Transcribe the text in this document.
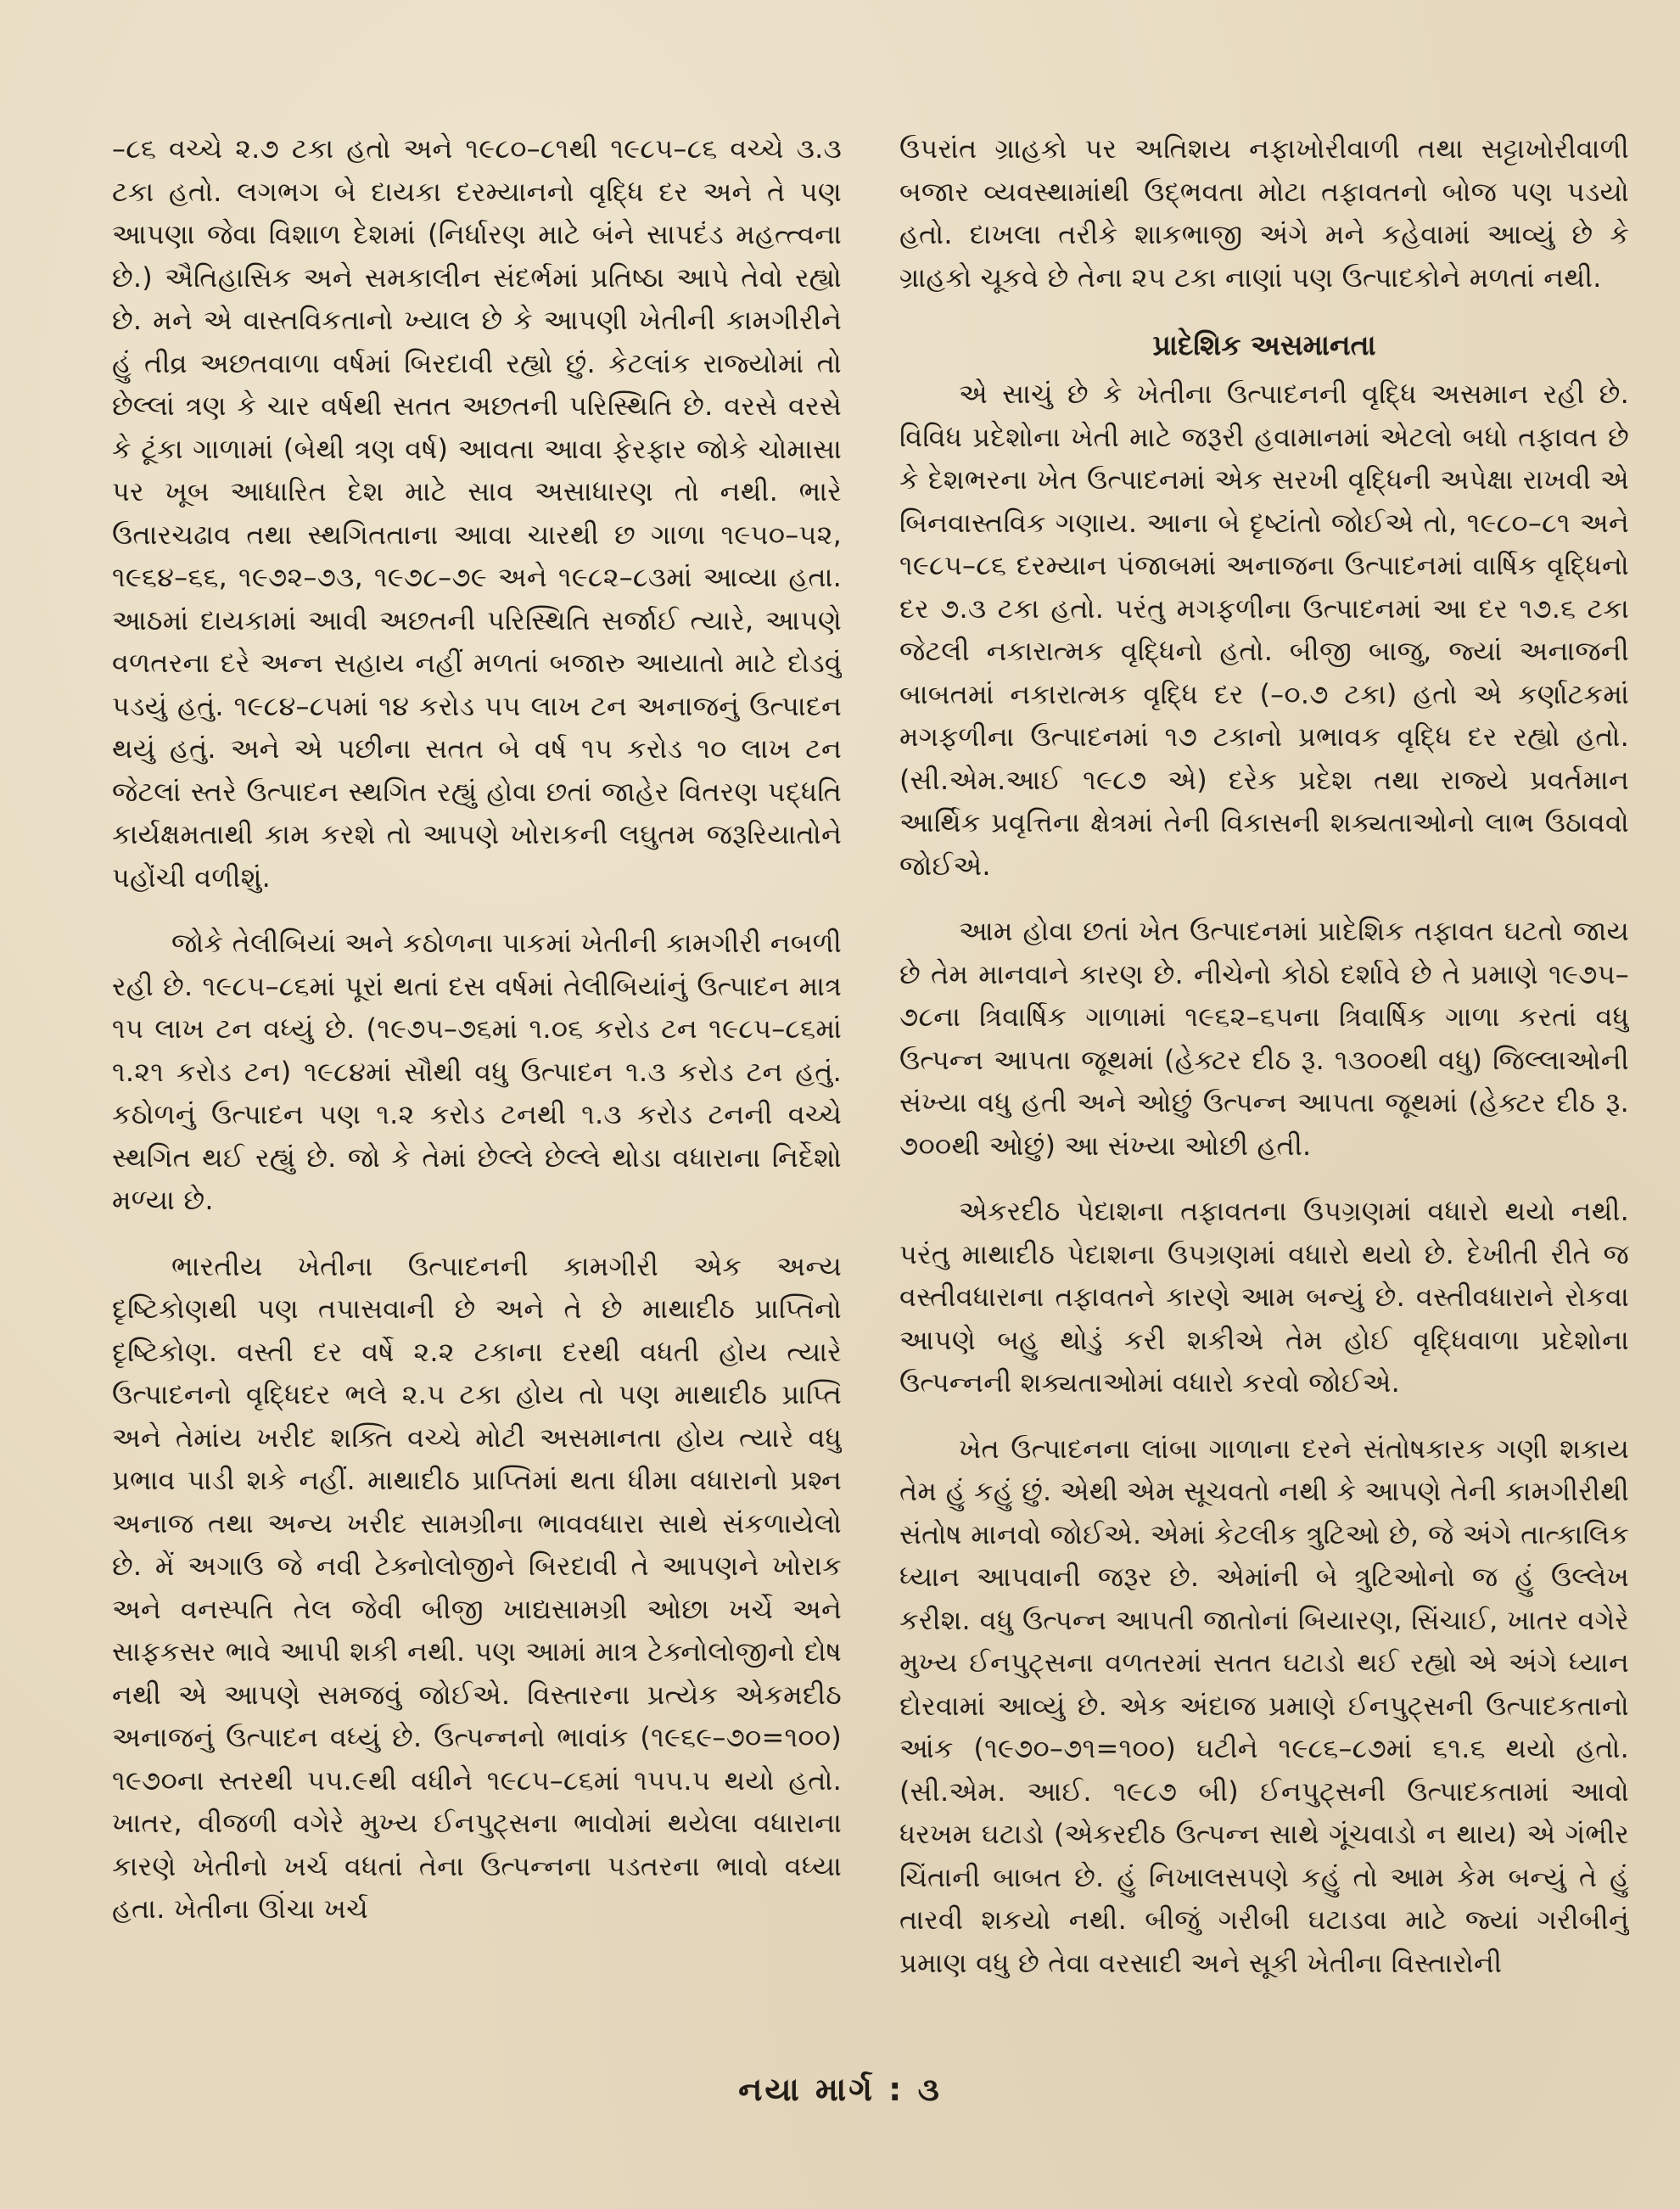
–૮૬ વચ્ચે ૨.૭ ટકા હતો અને ૧૯૮૦–૮૧થી ૧૯૮૫–૮૬ વચ્ચે ૩.૩ ટકા હતો. લગભગ બે દાયકા દરમ્યાનનો વૃદ્ધિ દર અને તે પણ આપણા જેવા વિશાળ દેશમાં (નિર્ધારણ માટે બંને સાપદંડ મહત્ત્વના છે.) ઐતિહાસિક અને સમકાલીન સંદર્ભમાં પ્રતિષ્ઠા આપે તેવો રહ્યો છે. મને એ વાસ્તવિકતાનો ખ્યાલ છે કે આપણી ખેતીની કામગીરીને હું તીવ્ર અછતવાળા વર્ષમાં બિરદાવી રહ્યો છું. કેટલાંક રાજ્યોમાં તો છેલ્લાં ત્રણ કે ચાર વર્ષથી સતત અછતની પરિસ્થિતિ છે. વરસે વરસે કે ટૂંકા ગાળામાં (બેથી ત્રણ વર્ષ) આવતા આવા ફેરફાર જોકે ચોમાસા પર ખૂબ આધારિત દેશ માટે સાવ અસાધારણ તો નથી. ભારે ઉતારચઢાવ તથા સ્થગિતતાના આવા ચારથી છ ગાળા ૧૯૫૦–૫૨, ૧૯૬૪–૬૬, ૧૯૭૨–૭૩, ૧૯૭૮–૭૯ અને ૧૯૮૨–૮૩માં આવ્યા હતા. આઠમાં દાયકામાં આવી અછતની પરિસ્થિતિ સર્જાઈ ત્યારે, આપણે વળતરના દરે અન્ન સહાય નહીં મળતાં બજારુ આયાતો માટે દોડવું પડયું હતું. ૧૯૮૪–૮૫માં ૧૪ કરોડ ૫૫ લાખ ટન અનાજનું ઉત્પાદન થયું હતું. અને એ પછીના સતત બે વર્ષ ૧૫ કરોડ ૧૦ લાખ ટન જેટલાં સ્તરે ઉત્પાદન સ્થગિત રહ્યું હોવા છતાં જાહેર વિતરણ પદ્ધતિ કાર્યક્ષમતાથી કામ કરશે તો આપણે ખોરાકની લઘુતમ જરૂરિયાતોને પહોંચી વળીશું.

જોકે તેલીબિયાં અને કઠોળના પાકમાં ખેતીની કામગીરી નબળી રહી છે. ૧૯૮૫–૮૬માં પૂરાં થતાં દસ વર્ષમાં તેલીબિયાંનું ઉત્પાદન માત્ર ૧૫ લાખ ટન વધ્યું છે. (૧૯૭૫–૭૬માં ૧.૦૬ કરોડ ટન ૧૯૮૫–૮૬માં ૧.૨૧ કરોડ ટન) ૧૯૮૪માં સૌથી વધુ ઉત્પાદન ૧.૩ કરોડ ટન હતું. કઠોળનું ઉત્પાદન પણ ૧.૨ કરોડ ટનથી ૧.૩ કરોડ ટનની વચ્ચે સ્થગિત થઈ રહ્યું છે. જો કે તેમાં છેલ્લે છેલ્લે થોડા વધારાના નિર્દેશો મળ્યા છે.

ભારતીય ખેતીના ઉત્પાદનની કામગીરી એક અન્ય દૃષ્ટિકોણથી પણ તપાસવાની છે અને તે છે માથાદીઠ પ્રાપ્તિનો દૃષ્ટિકોણ. વસ્તી દર વર્ષે ૨.૨ ટકાના દરથી વધતી હોય ત્યારે ઉત્પાદનનો વૃદ્ધિદર ભલે ૨.૫ ટકા હોય તો પણ માથાદીઠ પ્રાપ્તિ અને તેમાંય ખરીદ શક્તિ વચ્ચે મોટી અસમાનતા હોય ત્યારે વધુ પ્રભાવ પાડી શકે નહીં. માથાદીઠ પ્રાપ્તિમાં થતા ધીમા વધારાનો પ્રશ્ન અનાજ તથા અન્ય ખરીદ સામગ્રીના ભાવવધારા સાથે સંકળાયેલો છે. મેં અગાઉ જે નવી ટેક્નોલોજીને બિરદાવી તે આપણને ખોરાક અને વનસ્પતિ તેલ જેવી બીજી ખાદ્યસામગ્રી ઓછા ખર્ચે અને સાફકસર ભાવે આપી શકી નથી. પણ આમાં માત્ર ટેક્નોલોજીનો દોષ નથી એ આપણે સમજવું જોઈએ. વિસ્તારના પ્રત્યેક એકમદીઠ અનાજનું ઉત્પાદન વધ્યું છે. ઉત્પન્નનો ભાવાંક (૧૯૬૯–૭૦=૧૦૦) ૧૯૭૦ના સ્તરથી ૫૫.૯થી વધીને ૧૯૮૫–૮૬માં ૧૫૫.૫ થયો હતો. ખાતર, વીજળી વગેરે મુખ્ય ઈનપુટ્સના ભાવોમાં થયેલા વધારાના કારણે ખેતીનો ખર્ચ વધતાં તેના ઉત્પન્નના પડતરના ભાવો વધ્યા હતા. ખેતીના ઊંચા ખર્ચ

ઉપરાંત ગ્રાહકો પર અતિશય નફાખોરીવાળી તથા સટ્ટાખોરીવાળી બજાર વ્યવસ્થામાંથી ઉદ્ભવતા મોટા તફાવતનો બોજ પણ પડયો હતો. દાખલા તરીકે શાકભાજી અંગે મને કહેવામાં આવ્યું છે કે ગ્રાહકો ચૂકવે છે તેના ૨૫ ટકા નાણાં પણ ઉત્પાદકોને મળતાં નથી.

પ્રાદેશિક અસમાનતા

એ સાચું છે કે ખેતીના ઉત્પાદનની વૃદ્ધિ અસમાન રહી છે. વિવિધ પ્રદેશોના ખેતી માટે જરૂરી હવામાનમાં એટલો બધો તફાવત છે કે દેશભરના ખેત ઉત્પાદનમાં એક સરખી વૃદ્ધિની અપેક્ષા રાખવી એ બિનવાસ્તવિક ગણાય. આના બે દૃષ્ટાંતો જોઈએ તો, ૧૯૮૦–૮૧ અને ૧૯૮૫–૮૬ દરમ્યાન પંજાબમાં અનાજના ઉત્પાદનમાં વાર્ષિક વૃદ્ધિનો દર ૭.૩ ટકા હતો. પરંતુ મગફળીના ઉત્પાદનમાં આ દર ૧૭.૬ ટકા જેટલી નકારાત્મક વૃદ્ધિનો હતો. બીજી બાજુ, જ્યાં અનાજની બાબતમાં નકારાત્મક વૃદ્ધિ દર (–૦.૭ ટકા) હતો એ કર્ણાટકમાં મગફળીના ઉત્પાદનમાં ૧૭ ટકાનો પ્રભાવક વૃદ્ધિ દર રહ્યો હતો. (સી.એમ.આઈ ૧૯૮૭ એ) દરેક પ્રદેશ તથા રાજ્યે પ્રવર્તમાન આર્થિક પ્રવૃત્તિના ક્ષેત્રમાં તેની વિકાસની શક્યતાઓનો લાભ ઉઠાવવો જોઈએ.

આમ હોવા છતાં ખેત ઉત્પાદનમાં પ્રાદેશિક તફાવત ઘટતો જાય છે તેમ માનવાને કારણ છે. નીચેનો કોઠો દર્શાવે છે તે પ્રમાણે ૧૯૭૫–૭૮ના ત્રિવાર્ષિક ગાળામાં ૧૯૬૨–૬૫ના ત્રિવાર્ષિક ગાળા કરતાં વધુ ઉત્પન્ન આપતા જૂથમાં (હેક્ટર દીઠ રૂ. ૧૩૦૦થી વધુ) જિલ્લાઓની સંખ્યા વધુ હતી અને ઓછું ઉત્પન્ન આપતા જૂથમાં (હેક્ટર દીઠ રૂ. ૭૦૦થી ઓછું) આ સંખ્યા ઓછી હતી.

એકરદીઠ પેદાશના તફાવતના ઉપગ્રણમાં વધારો થયો નથી. પરંતુ માથાદીઠ પેદાશના ઉપગ્રણમાં વધારો થયો છે. દેખીતી રીતે જ વસ્તીવધારાના તફાવતને કારણે આમ બન્યું છે. વસ્તીવધારાને રોકવા આપણે બહુ થોડું કરી શકીએ તેમ હોઈ વૃદ્ધિવાળા પ્રદેશોના ઉત્પન્નની શક્યતાઓમાં વધારો કરવો જોઈએ.

ખેત ઉત્પાદનના લાંબા ગાળાના દરને સંતોષકારક ગણી શકાય તેમ હું કહું છું. એથી એમ સૂચવતો નથી કે આપણે તેની કામગીરીથી સંતોષ માનવો જોઈએ. એમાં કેટલીક ત્રુટિઓ છે, જે અંગે તાત્કાલિક ધ્યાન આપવાની જરૂર છે. એમાંની બે ત્રુટિઓનો જ હું ઉલ્લેખ કરીશ. વધુ ઉત્પન્ન આપતી જાતોનાં બિયારણ, સિંચાઈ, ખાતર વગેરે મુખ્ય ઈનપુટ્સના વળતરમાં સતત ઘટાડો થઈ રહ્યો એ અંગે ધ્યાન દોરવામાં આવ્યું છે. એક અંદાજ પ્રમાણે ઈનપુટ્સની ઉત્પાદકતાનો આંક (૧૯૭૦–૭૧=૧૦૦) ઘટીને ૧૯૮૬–૮૭માં ૬૧.૬ થયો હતો. (સી.એમ. આઈ. ૧૯૮૭ બી) ઈનપુટ્સની ઉત્પાદકતામાં આવો ધરખમ ઘટાડો (એકરદીઠ ઉત્પન્ન સાથે ગૂંચવાડો ન થાય) એ ગંભીર ચિંતાની બાબત છે. હું નિખાલસપણે કહું તો આમ કેમ બન્યું તે હું તારવી શકયો નથી. બીજું ગરીબી ઘટાડવા માટે જ્યાં ગરીબીનું પ્રમાણ વધુ છે તેવા વરસાદી અને સૂકી ખેતીના વિસ્તારોની

નયા માર્ગ : ૩
